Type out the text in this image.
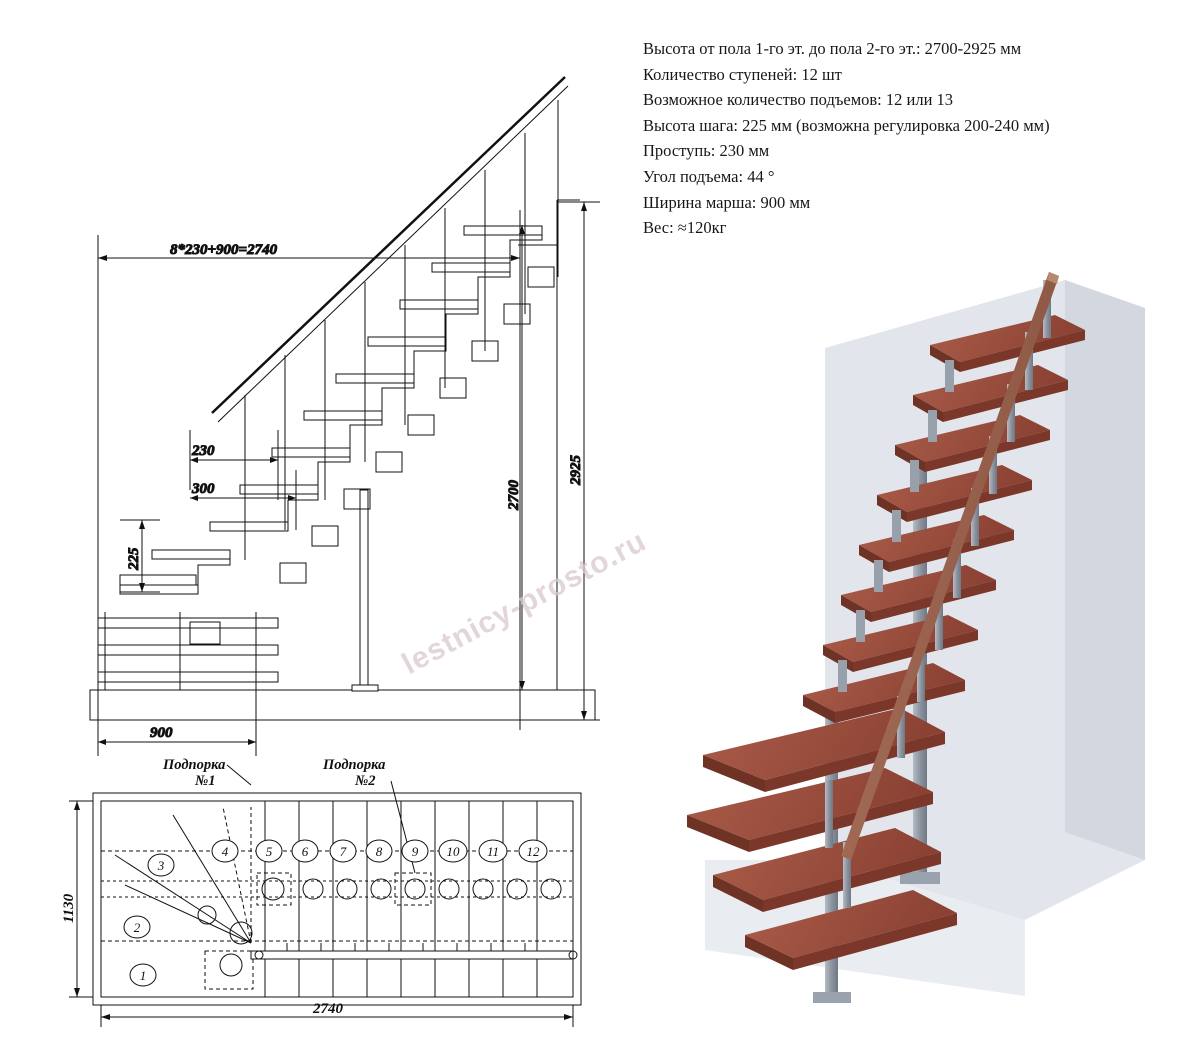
Высота от пола 1-го эт. до пола 2-го эт.: 2700-2925 мм
Количество ступеней: 12 шт
Возможное количество подъемов: 12 или 13
Высота шага: 225 мм (возможна регулировка 200-240 мм)
Проступь: 230 мм
Угол подъема: 44 °
Ширина марша: 900 мм
Вес: ≈120кг
8*230+900=2740
230
300
225
2700
2925
900
1
2
3
4	5 6 7 8 9 10 11 12
1130
2740
Подпорка
№1
Подпорка
№2
lestnicy-prosto.ru
